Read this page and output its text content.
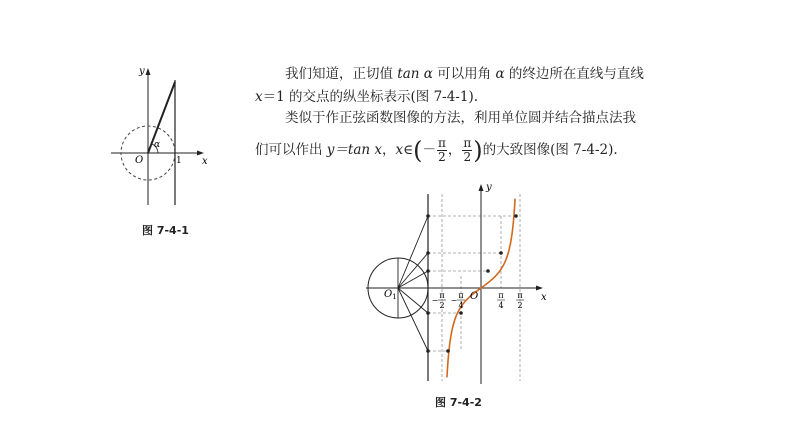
y
x
O
α
1
图 7-4-1
我们知道，正切值 tan α 可以用角 α 的终边所在直线与直线
x＝1 的交点的纵坐标表示(图 7-4-1).
类似于作正弦函数图像的方法，利用单位圆并结合描点法我
们可以作出 y＝tan x，x∈(－ $\frac{\pi}{2}$ ， $\frac{\pi}{2}$ )的大致图像(图 7-4-2).
y
x
O
$O_1$	−
π
2
−
π
4
π
4
π
2
图 7-4-2
